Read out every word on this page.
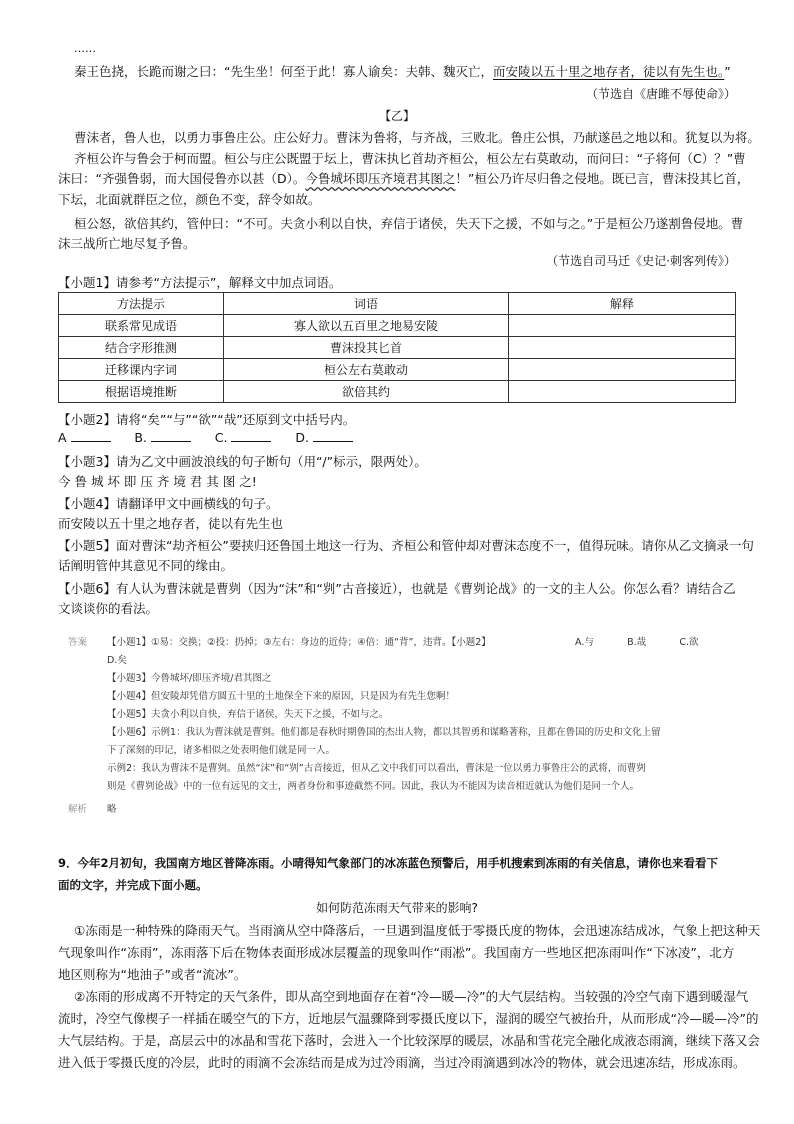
……
秦王色挠，长跪而谢之曰：“先生坐！何至于此！寡人谕矣：夫韩、魏灭亡，而安陵以五十里之地存者，徒以有先生也。”
（节选自《唐雎不辱使命》）
【乙】
曹沫者，鲁人也，以勇力事鲁庄公。庄公好力。曹沫为鲁将，与齐战，三败北。鲁庄公惧，乃献遂邑之地以和。犹复以为将。
齐桓公许与鲁会于柯而盟。桓公与庄公既盟于坛上，曹沫执匕首劫齐桓公，桓公左右莫敢动，而问曰：“子将何（C）？”曹
沫曰：“齐强鲁弱，而大国侵鲁亦以甚（D）。今鲁城坏即压齐境君其图之！”桓公乃许尽归鲁之侵地。既已言，曹沫投其匕首，
下坛，北面就群臣之位，颜色不变，辞令如故。
桓公怒，欲倍其约，管仲曰：“不可。夫贪小利以自快，弃信于诸侯，失天下之援，不如与之。”于是桓公乃遂割鲁侵地。曹
沫三战所亡地尽复予鲁。
（节选自司马迁《史记·刺客列传》）
【小题1】请参考“方法提示”，解释文中加点词语。
方法提示	词语	解释
联系常见成语	寡人欲以五百里之地易安陵	
结合字形推测	曹沫投其匕首	
迁移课内字词	桓公左右莫敢动	
根据语境推断	欲倍其约	
【小题2】请将“矣”“与”“欲”“哉”还原到文中括号内。
A	B.	C.	D.
【小题3】请为乙文中画波浪线的句子断句（用“/”标示，限两处）。
今 鲁 城 坏 即 压 齐 境 君 其 图 之!
【小题4】请翻译甲文中画横线的句子。
而安陵以五十里之地存者，徒以有先生也
【小题5】面对曹沫“劫齐桓公”要挟归还鲁国土地这一行为、齐桓公和管仲却对曹沫态度不一，值得玩味。请你从乙文摘录一句
话阐明管仲其意见不同的缘由。
【小题6】有人认为曹沫就是曹刿（因为“沫”和“刿”古音接近），也就是《曹刿论战》的一文的主人公。你怎么看？请结合乙
文谈谈你的看法。
答案 【小题1】①易：交换；②投：扔掉；③左右：身边的近侍；④倍：通“背”，违背。【小题2】	A.与	B.哉	C.欲
D.矣
【小题3】今鲁城坏/即压齐境/君其图之
【小题4】但安陵却凭借方圆五十里的土地保全下来的原因，只是因为有先生您啊！
【小题5】夫贪小利以自快，弃信于诸侯，失天下之援，不如与之。
【小题6】示例1：我认为曹沫就是曹刿。他们都是春秋时期鲁国的杰出人物，都以其智勇和谋略著称，且都在鲁国的历史和文化上留
下了深刻的印记，诸多相似之处表明他们就是同一人。
示例2：我认为曹沫不是曹刿。虽然“沫”和“刿”古音接近，但从乙文中我们可以看出，曹沫是一位以勇力事鲁庄公的武将，而曹刿
则是《曹刿论战》中的一位有远见的文士，两者身份和事迹截然不同。因此，我认为不能因为读音相近就认为他们是同一个人。
解析 略
9．今年2月初旬，我国南方地区普降冻雨。小晴得知气象部门的冰冻蓝色预警后，用手机搜索到冻雨的有关信息，请你也来看看下
面的文字，并完成下面小题。
如何防范冻雨天气带来的影响?
①冻雨是一种特殊的降雨天气。当雨滴从空中降落后，一旦遇到温度低于零摄氏度的物体，会迅速冻结成冰，气象上把这种天
气现象叫作“冻雨”，冻雨落下后在物体表面形成冰层覆盖的现象叫作“雨凇”。我国南方一些地区把冻雨叫作“下冰凌”，北方
地区则称为“地油子”或者“流冰”。
②冻雨的形成离不开特定的天气条件，即从高空到地面存在着“冷—暖—冷”的大气层结构。当较强的冷空气南下遇到暖湿气
流时，冷空气像楔子一样插在暖空气的下方，近地层气温骤降到零摄氏度以下，湿润的暖空气被抬升，从而形成“冷—暖—冷”的
大气层结构。于是，高层云中的冰晶和雪花下落时，会进入一个比较深厚的暖层，冰晶和雪花完全融化成液态雨滴，继续下落又会
进入低于零摄氏度的冷层，此时的雨滴不会冻结而是成为过冷雨滴，当过冷雨滴遇到冰冷的物体，就会迅速冻结，形成冻雨。
